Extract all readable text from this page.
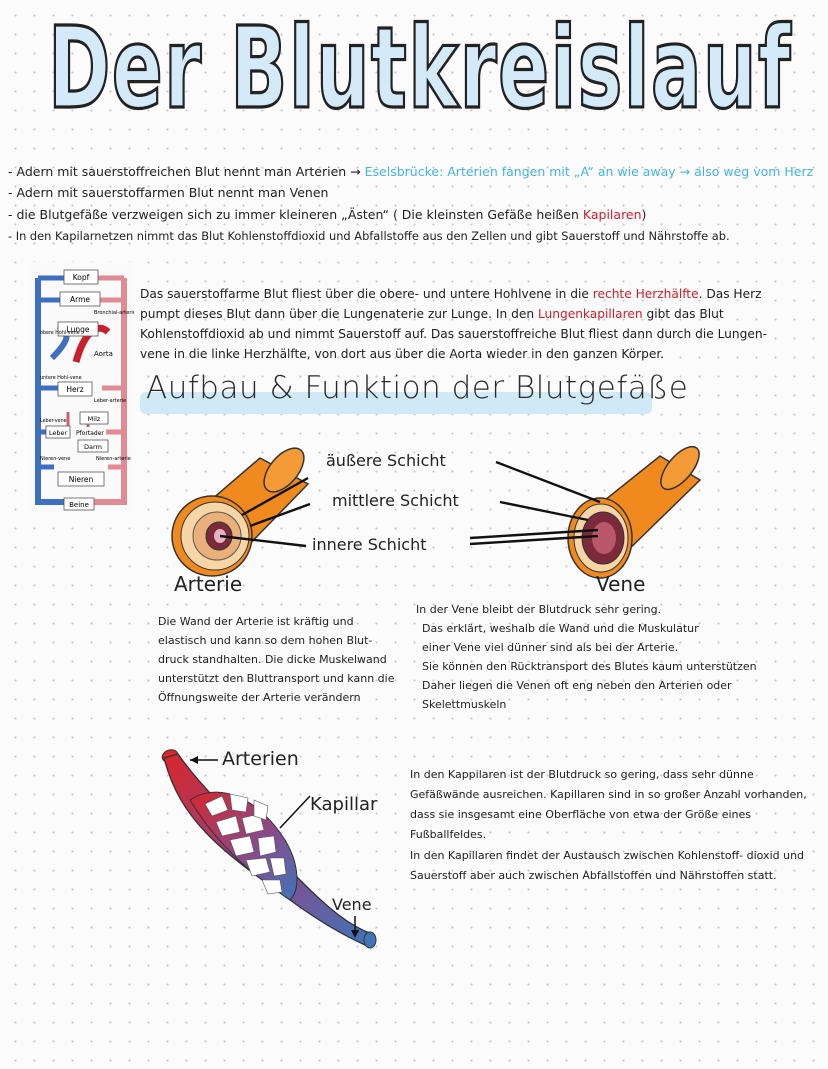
Der Blutkreislauf
- Adern mit sauerstoffreichen Blut nennt man Arterien → Eselsbrücke: Arterien fangen mit „A“ an wie away → also weg vom Herz
- Adern mit sauerstoffarmen Blut nennt man Venen
- die Blutgefäße verzweigen sich zu immer kleineren „Ästen“ ( Die kleinsten Gefäße heißen Kapilaren)
- In den Kapilarnetzen nimmt das Blut Kohlenstoffdioxid und Abfallstoffe aus den Zellen und gibt Sauerstoff und Nährstoffe ab.
Kopf
Arme
Bronchial-arterie
Lunge
obere Hohl-vene
Aorta
untere Hohl-vene
Herz
Leber-arterie
Leber-vene	Milz
Leber Pfortader
Darm
Nieren-vene	Nieren-arterie
Nieren
Beine
Das sauerstoffarme Blut fliest über die obere- und untere Hohlvene in die rechte Herzhälfte. Das Herz pumpt dieses Blut dann über die Lungenaterie zur Lunge. In den Lungenkapillaren gibt das Blut Kohlenstoffdioxid ab und nimmt Sauerstoff auf. Das sauerstoffreiche Blut fliest dann durch die Lungen- vene in die linke Herzhälfte, von dort aus über die Aorta wieder in den ganzen Körper.
Aufbau & Funktion der Blutgefäße
äußere Schicht
mittlere Schicht
innere Schicht
Arterie	Vene
Die Wand der Arterie ist kräftig und elastisch und kann so dem hohen Blut- druck standhalten. Die dicke Muskelwand unterstützt den Bluttransport und kann die Öffnungsweite der Arterie verändern
In der Vene bleibt der Blutdruck sehr gering.
Das erklärt, weshalb die Wand und die Muskulatur
einer Vene viel dünner sind als bei der Arterie.
Sie können den Rücktransport des Blutes kaum unterstützen
Daher liegen die Venen oft eng neben den Arterien oder
Skelettmuskeln
Arterien
Kapillar
Vene
In den Kappilaren ist der Blutdruck so gering, dass sehr dünne Gefäßwände ausreichen. Kapillaren sind in so großer Anzahl vorhanden, dass sie insgesamt eine Oberfläche von etwa der Größe eines Fußballfeldes.
In den Kapillaren findet der Austausch zwischen Kohlenstoff- dioxid und Sauerstoff aber auch zwischen Abfallstoffen und Nährstoffen statt.
